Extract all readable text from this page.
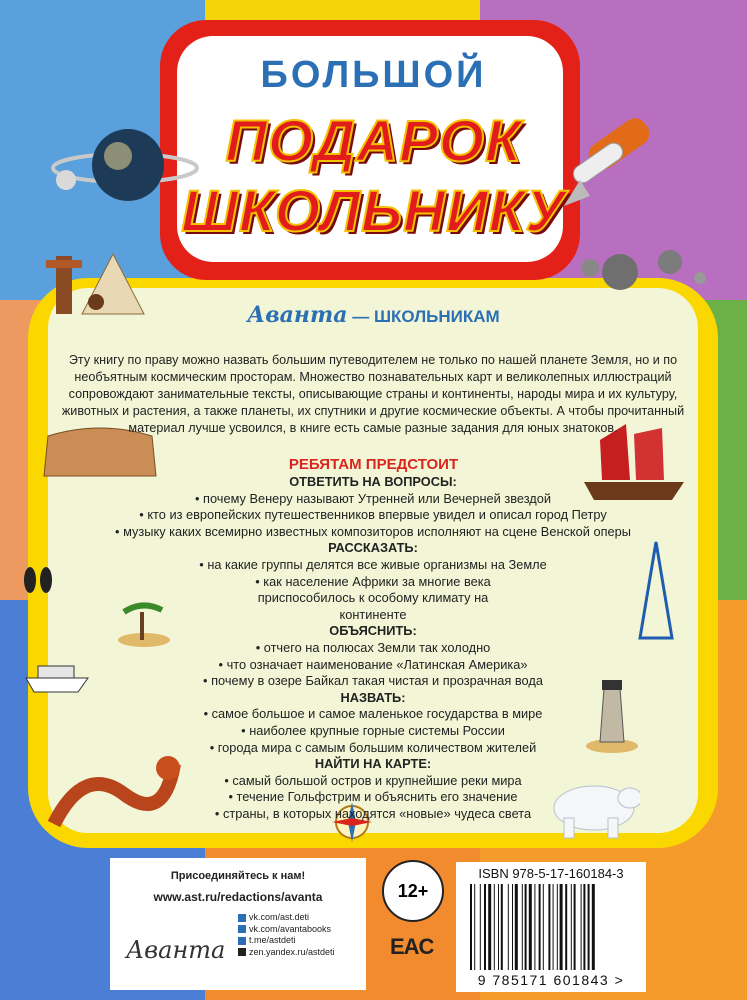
БОЛЬШОЙ
ПОДАРОК
ШКОЛЬНИКУ
Аванта — ШКОЛЬНИКАМ
Эту книгу по праву можно назвать большим путеводителем не только по нашей планете Земля, но и по необъятным космическим просторам. Множество познавательных карт и великолепных иллюстраций сопровождают занимательные тексты, описывающие страны и континенты, народы мира и их культуру, животных и растения, а также планеты, их спутники и другие космические объекты. А чтобы прочитанный материал лучше усвоился, в книге есть самые разные задания для юных знатоков.
РЕБЯТАМ ПРЕДСТОИТ
ОТВЕТИТЬ НА ВОПРОСЫ:
• почему Венеру называют Утренней или Вечерней звездой
• кто из европейских путешественников впервые увидел и описал город Петру
• музыку каких всемирно известных композиторов исполняют на сцене Венской оперы
РАССКАЗАТЬ:
• на какие группы делятся все живые организмы на Земле
• как население Африки за многие века приспособилось к особому климату на континенте
ОБЪЯСНИТЬ:
• отчего на полюсах Земли так холодно
• что означает наименование «Латинская Америка»
• почему в озере Байкал такая чистая и прозрачная вода
НАЗВАТЬ:
• самое большое и самое маленькое государства в мире
• наиболее крупные горные системы России
• города мира с самым большим количеством жителей
НАЙТИ НА КАРТЕ:
• самый большой остров и крупнейшие реки мира
• течение Гольфстрим и объяснить его значение
• страны, в которых находятся «новые» чудеса света
Присоединяйтесь к нам!
www.ast.ru/redactions/avanta
Аванта
vk.com/ast.deti
vk.com/avantabooks
t.me/astdeti
zen.yandex.ru/astdeti
12+
EAC
ISBN 978-5-17-160184-3
9 785171 601843 >
